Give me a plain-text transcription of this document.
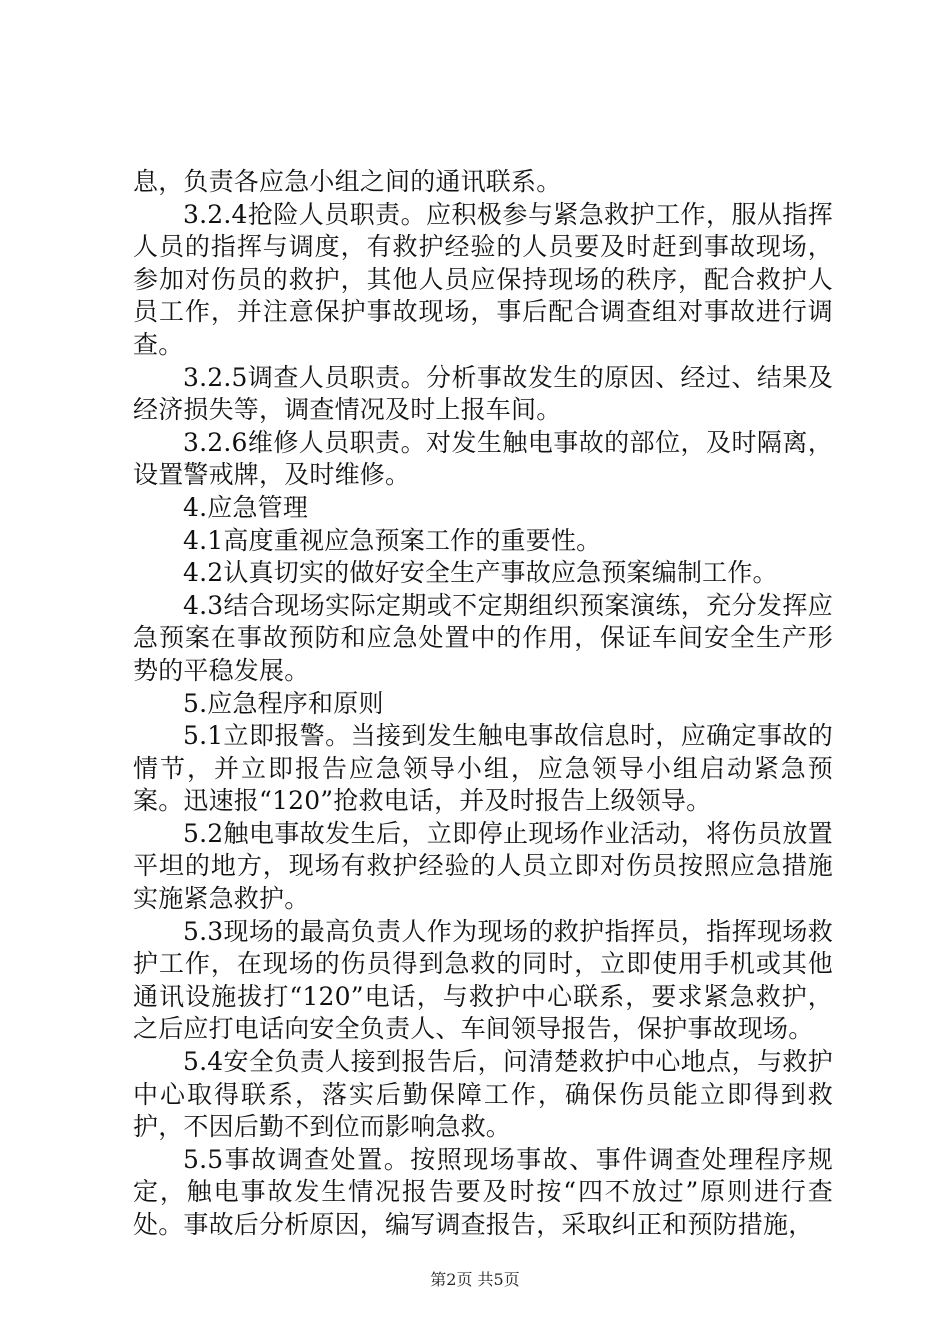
息，负责各应急小组之间的通讯联系。

3.2.4抢险人员职责。应积极参与紧急救护工作，服从指挥人员的指挥与调度，有救护经验的人员要及时赶到事故现场，参加对伤员的救护，其他人员应保持现场的秩序，配合救护人员工作，并注意保护事故现场，事后配合调查组对事故进行调查。

3.2.5调查人员职责。分析事故发生的原因、经过、结果及经济损失等，调查情况及时上报车间。

3.2.6维修人员职责。对发生触电事故的部位，及时隔离，设置警戒牌，及时维修。

4.应急管理

4.1高度重视应急预案工作的重要性。

4.2认真切实的做好安全生产事故应急预案编制工作。

4.3结合现场实际定期或不定期组织预案演练，充分发挥应急预案在事故预防和应急处置中的作用，保证车间安全生产形势的平稳发展。

5.应急程序和原则

5.1立即报警。当接到发生触电事故信息时，应确定事故的情节，并立即报告应急领导小组，应急领导小组启动紧急预案。迅速报“120”抢救电话，并及时报告上级领导。

5.2触电事故发生后，立即停止现场作业活动，将伤员放置平坦的地方，现场有救护经验的人员立即对伤员按照应急措施实施紧急救护。

5.3现场的最高负责人作为现场的救护指挥员，指挥现场救护工作，在现场的伤员得到急救的同时，立即使用手机或其他通讯设施拔打“120”电话，与救护中心联系，要求紧急救护，之后应打电话向安全负责人、车间领导报告，保护事故现场。

5.4安全负责人接到报告后，问清楚救护中心地点，与救护中心取得联系，落实后勤保障工作，确保伤员能立即得到救护，不因后勤不到位而影响急救。

5.5事故调查处置。按照现场事故、事件调查处理程序规定，触电事故发生情况报告要及时按“四不放过”原则进行查处。事故后分析原因，编写调查报告，采取纠正和预防措施，

第2页 共5页
